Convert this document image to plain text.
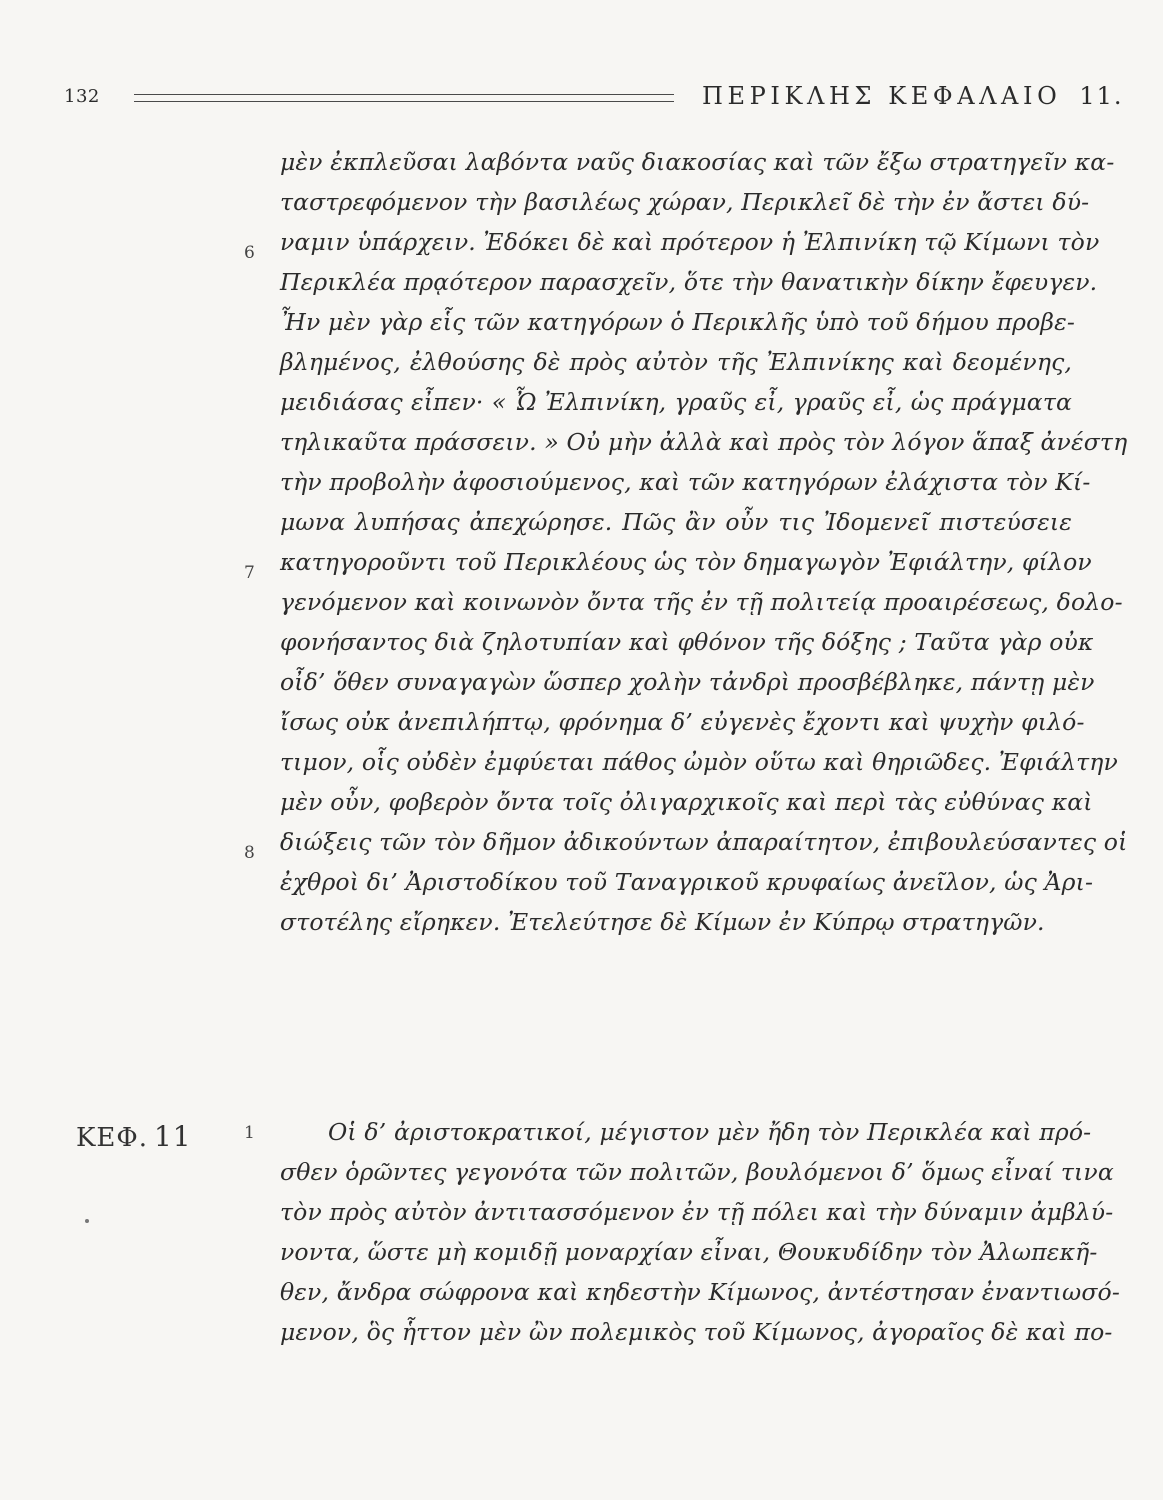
132	ΠΕΡΙΚΛΗΣ ΚΕΦΑΛΑΙΟ 11.
6
7
8
1
μὲν ἐκπλεῦσαι λαβόντα ναῦς διακοσίας καὶ τῶν ἔξω στρατηγεῖν κα-
ταστρεφόμενον τὴν βασιλέως χώραν, Περικλεῖ δὲ τὴν ἐν ἄστει δύ-
ναμιν ὑπάρχειν. Ἐδόκει δὲ καὶ πρότερον ἡ Ἐλπινίκη τῷ Κίμωνι τὸν
Περικλέα πρᾳότερον παρασχεῖν, ὅτε τὴν θανατικὴν δίκην ἔφευγεν.
Ἦν μὲν γὰρ εἷς τῶν κατηγόρων ὁ Περικλῆς ὑπὸ τοῦ δήμου προβε-
βλημένος, ἐλθούσης δὲ πρὸς αὐτὸν τῆς Ἐλπινίκης καὶ δεομένης,
μειδιάσας εἶπεν· « Ὦ Ἐλπινίκη, γραῦς εἶ, γραῦς εἶ, ὡς πράγματα
τηλικαῦτα πράσσειν. » Οὐ μὴν ἀλλὰ καὶ πρὸς τὸν λόγον ἅπαξ ἀνέστη
τὴν προβολὴν ἀφοσιούμενος, καὶ τῶν κατηγόρων ἐλάχιστα τὸν Κί-
μωνα λυπήσας ἀπεχώρησε. Πῶς ἂν οὖν τις Ἰδομενεῖ πιστεύσειε
κατηγοροῦντι τοῦ Περικλέους ὡς τὸν δημαγωγὸν Ἐφιάλτην, φίλον
γενόμενον καὶ κοινωνὸν ὄντα τῆς ἐν τῇ πολιτείᾳ προαιρέσεως, δολο-
φονήσαντος διὰ ζηλοτυπίαν καὶ φθόνον τῆς δόξης ; Ταῦτα γὰρ οὐκ
οἶδ’ ὅθεν συναγαγὼν ὥσπερ χολὴν τἀνδρὶ προσβέβληκε, πάντῃ μὲν
ἴσως οὐκ ἀνεπιλήπτῳ, φρόνημα δ’ εὐγενὲς ἔχοντι καὶ ψυχὴν φιλό-
τιμον, οἷς οὐδὲν ἐμφύεται πάθος ὠμὸν οὕτω καὶ θηριῶδες. Ἐφιάλτην
μὲν οὖν, φοβερὸν ὄντα τοῖς ὀλιγαρχικοῖς καὶ περὶ τὰς εὐθύνας καὶ
διώξεις τῶν τὸν δῆμον ἀδικούντων ἀπαραίτητον, ἐπιβουλεύσαντες οἱ
ἐχθροὶ δι’ Ἀριστοδίκου τοῦ Ταναγρικοῦ κρυφαίως ἀνεῖλον, ὡς Ἀρι-
στοτέλης εἴρηκεν. Ἐτελεύτησε δὲ Κίμων ἐν Κύπρῳ στρατηγῶν.
ΚΕΦ. 11	Οἱ δ’ ἀριστοκρατικοί, μέγιστον μὲν ἤδη τὸν Περικλέα καὶ πρό-
σθεν ὁρῶντες γεγονότα τῶν πολιτῶν, βουλόμενοι δ’ ὅμως εἶναί τινα
τὸν πρὸς αὐτὸν ἀντιτασσόμενον ἐν τῇ πόλει καὶ τὴν δύναμιν ἀμβλύ-
νοντα, ὥστε μὴ κομιδῇ μοναρχίαν εἶναι, Θουκυδίδην τὸν Ἀλωπεκῆ-
θεν, ἄνδρα σώφρονα καὶ κηδεστὴν Κίμωνος, ἀντέστησαν ἐναντιωσό-
μενον, ὃς ἧττον μὲν ὢν πολεμικὸς τοῦ Κίμωνος, ἀγοραῖος δὲ καὶ πο-
